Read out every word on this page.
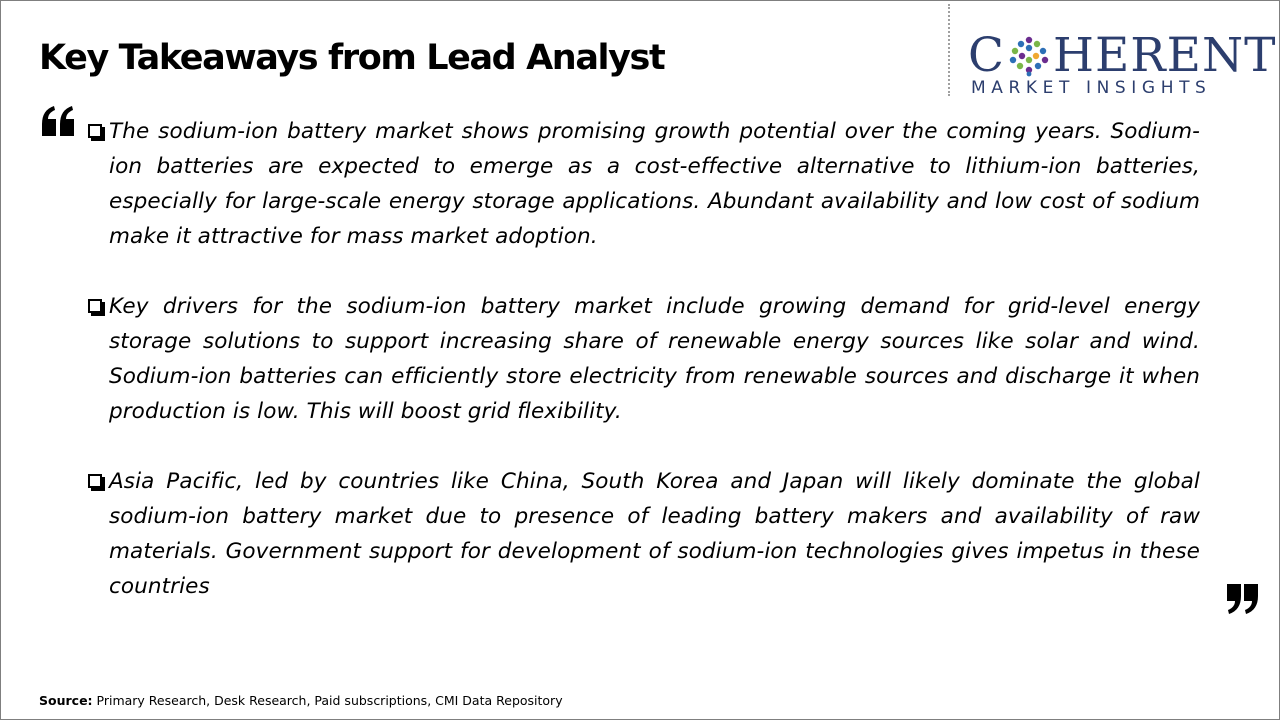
Key Takeaways from Lead Analyst	C HERENT
MARKET INSIGHTS
The sodium-ion battery market shows promising growth potential over the coming years. Sodium-ion batteries are expected to emerge as a cost-effective alternative to lithium-ion batteries, especially for large-scale energy storage applications. Abundant availability and low cost of sodium make it attractive for mass market adoption.
Key drivers for the sodium-ion battery market include growing demand for grid-level energy storage solutions to support increasing share of renewable energy sources like solar and wind. Sodium-ion batteries can efficiently store electricity from renewable sources and discharge it when production is low. This will boost grid flexibility.
Asia Pacific, led by countries like China, South Korea and Japan will likely dominate the global sodium-ion battery market due to presence of leading battery makers and availability of raw materials. Government support for development of sodium-ion technologies gives impetus in these countries
Source: Primary Research, Desk Research, Paid subscriptions, CMI Data Repository
